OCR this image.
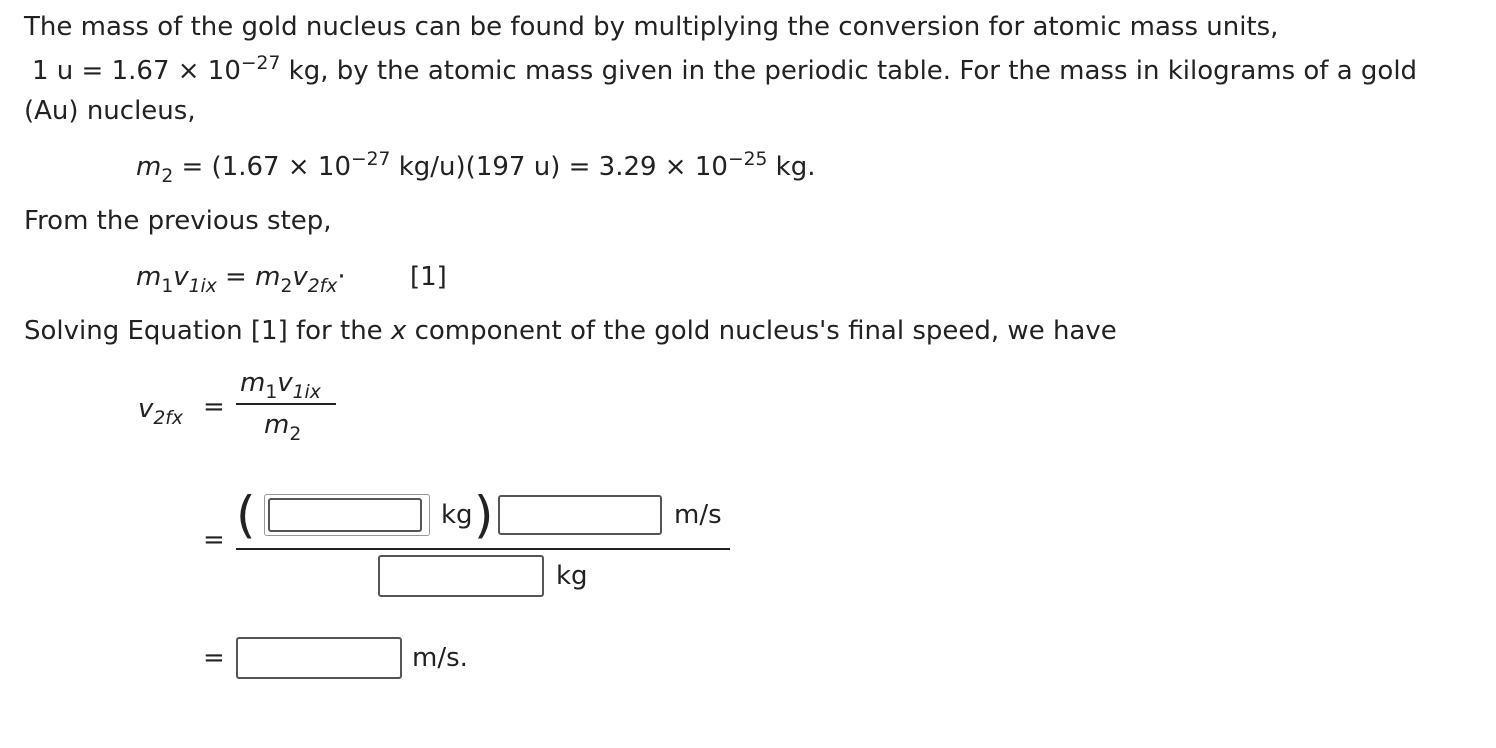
The mass of the gold nucleus can be found by multiplying the conversion for atomic mass units,
1 $u = 1.67 \times 10^{-27}$ kg, by the atomic mass given in the periodic table. For the mass in kilograms of a gold
(Au) nucleus,
$m_2 = (1.67 \times 10^{-27}$ kg/u)(197 $u) = 3.29 \times 10^{-25}$ kg.
From the previous step,
$m_1v_{1ix} = m_2v_{2fx}\cdot [1]$
Solving Equation [1] for the x component of the gold nucleus's final speed, we have
$v_{2fx}$ =
$m_1v_{1ix}$
$m_2$
= (	kg )	m/s
kg
=	m/s.
